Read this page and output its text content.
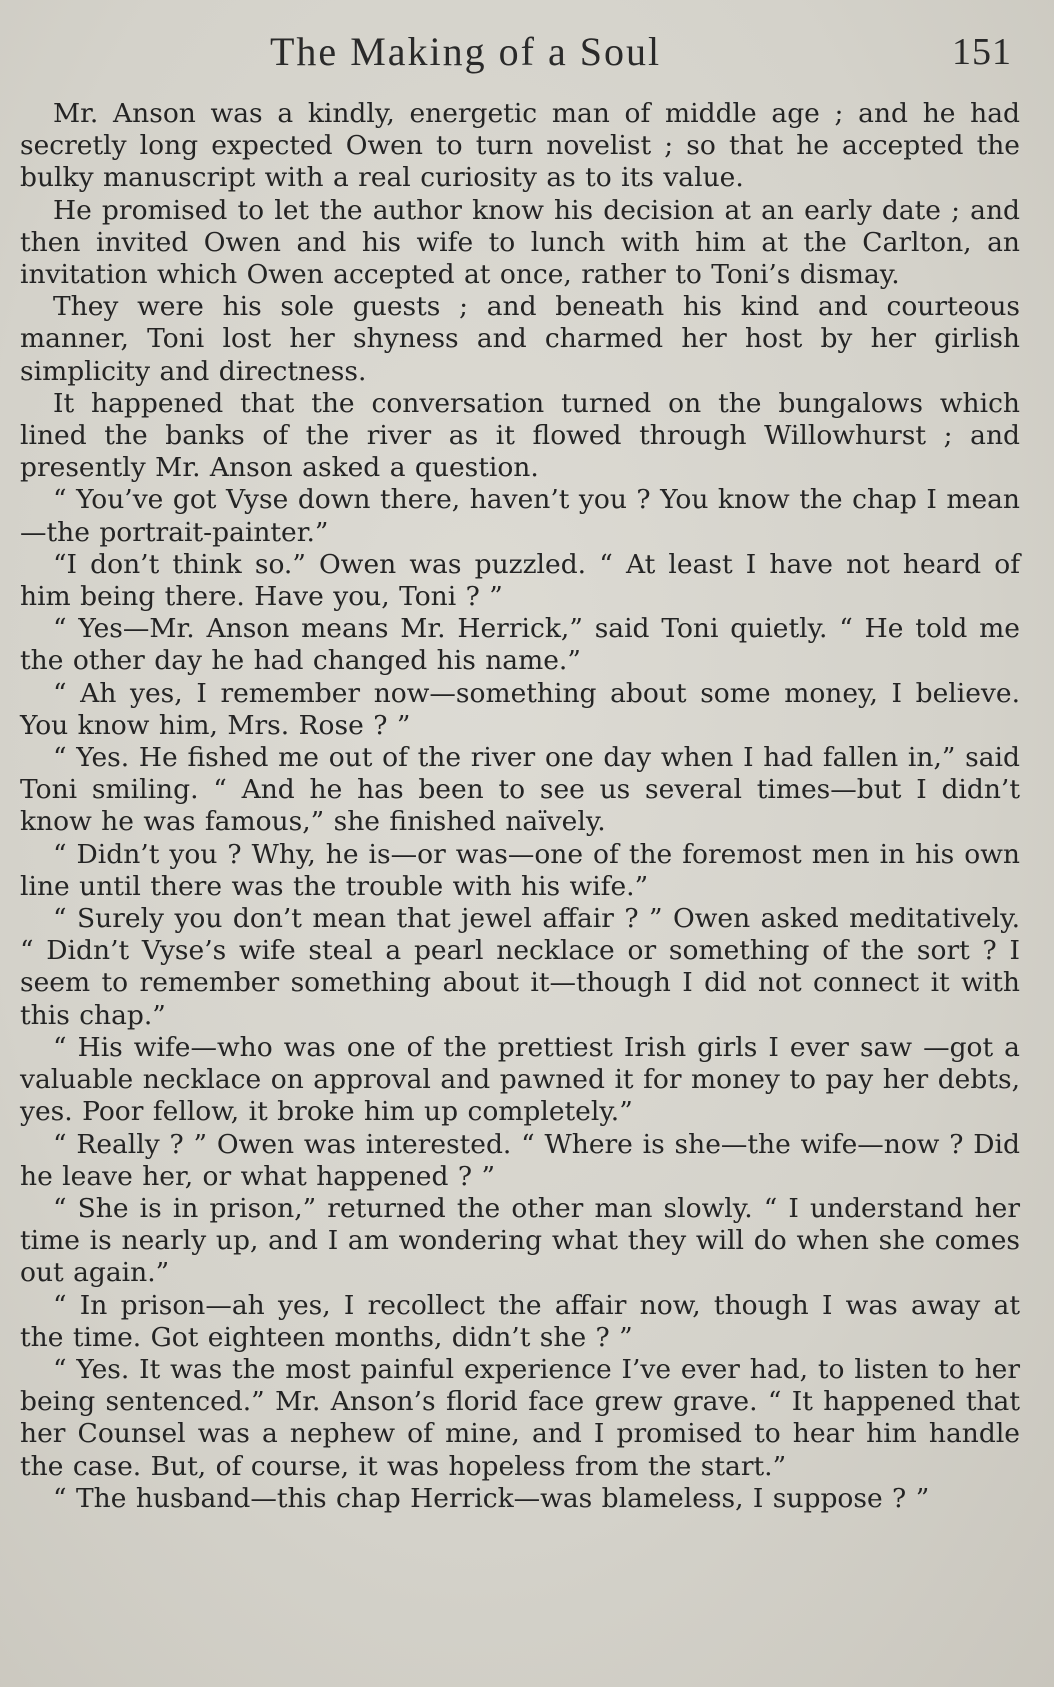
The Making of a Soul	151

Mr. Anson was a kindly, energetic man of middle age ; and he had secretly long expected Owen to turn novelist ; so that he accepted the bulky manuscript with a real curiosity as to its value.

He promised to let the author know his decision at an early date ; and then invited Owen and his wife to lunch with him at the Carlton, an invitation which Owen accepted at once, rather to Toni’s dismay.

They were his sole guests ; and beneath his kind and courteous manner, Toni lost her shyness and charmed her host by her girlish simplicity and directness.

It happened that the conversation turned on the bungalows which lined the banks of the river as it flowed through Willowhurst ; and presently Mr. Anson asked a question.

“ You’ve got Vyse down there, haven’t you ? You know the chap I mean—the portrait-painter.”

“I don’t think so.” Owen was puzzled. “ At least I have not heard of him being there. Have you, Toni ? ”

“ Yes—Mr. Anson means Mr. Herrick,” said Toni quietly. “ He told me the other day he had changed his name.”

“ Ah yes, I remember now—something about some money, I believe. You know him, Mrs. Rose ? ”

“ Yes. He fished me out of the river one day when I had fallen in,” said Toni smiling. “ And he has been to see us several times—but I didn’t know he was famous,” she finished naïvely.

“ Didn’t you ? Why, he is—or was—one of the foremost men in his own line until there was the trouble with his wife.”

“ Surely you don’t mean that jewel affair ? ” Owen asked meditatively. “ Didn’t Vyse’s wife steal a pearl necklace or something of the sort ? I seem to remember something about it—though I did not connect it with this chap.”

“ His wife—who was one of the prettiest Irish girls I ever saw —got a valuable necklace on approval and pawned it for money to pay her debts, yes. Poor fellow, it broke him up completely.”

“ Really ? ” Owen was interested. “ Where is she—the wife—now ? Did he leave her, or what happened ? ”

“ She is in prison,” returned the other man slowly. “ I understand her time is nearly up, and I am wondering what they will do when she comes out again.”

“ In prison—ah yes, I recollect the affair now, though I was away at the time. Got eighteen months, didn’t she ? ”

“ Yes. It was the most painful experience I’ve ever had, to listen to her being sentenced.” Mr. Anson’s florid face grew grave. “ It happened that her Counsel was a nephew of mine, and I promised to hear him handle the case. But, of course, it was hopeless from the start.”

“ The husband—this chap Herrick—was blameless, I suppose ? ”
